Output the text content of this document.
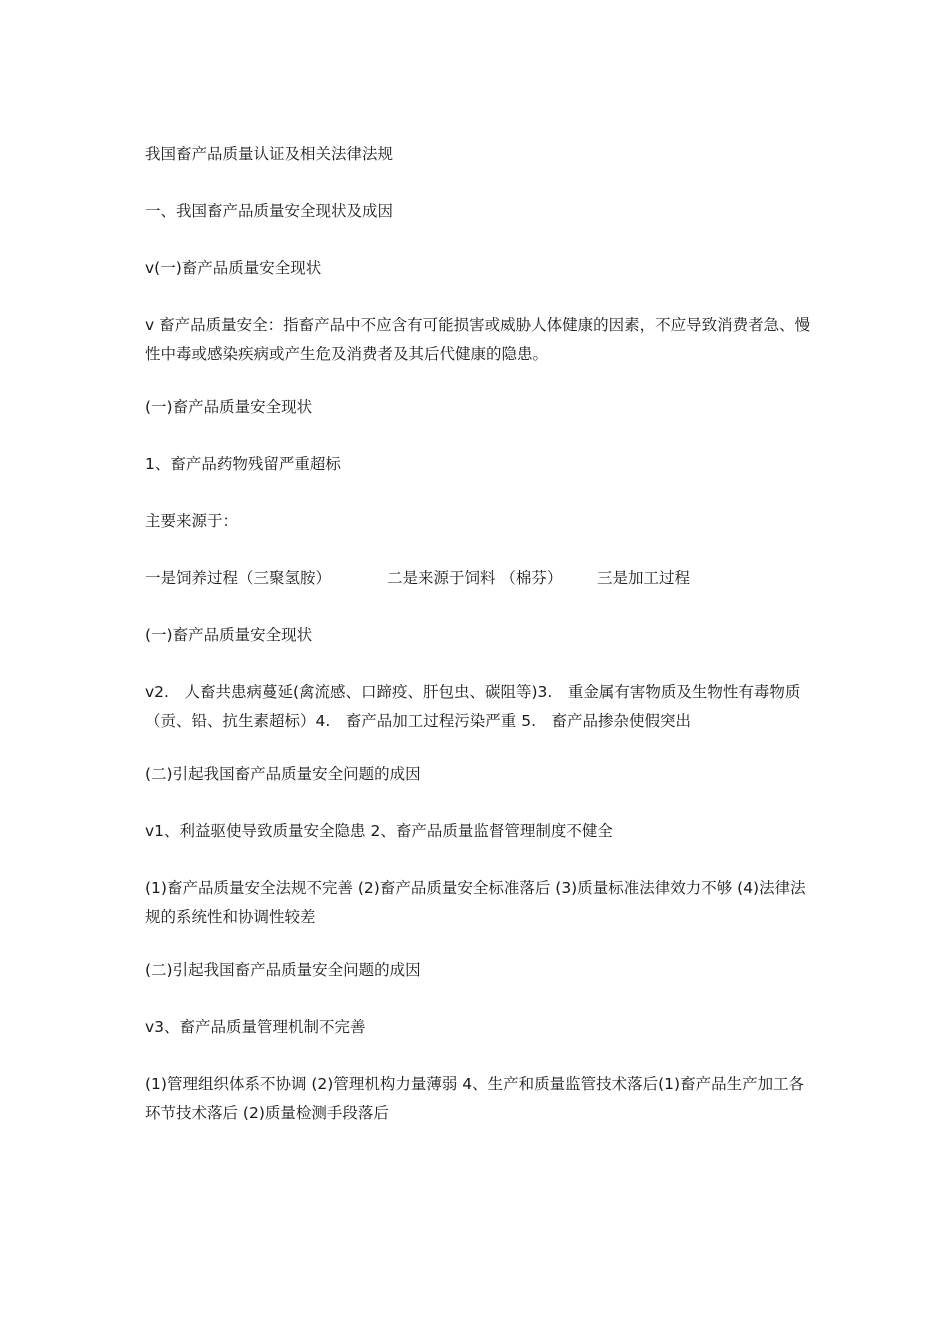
我国畜产品质量认证及相关法律法规

一、我国畜产品质量安全现状及成因

v(一)畜产品质量安全现状

v 畜产品质量安全：指畜产品中不应含有可能损害或威胁人体健康的因素，不应导致消费者急、慢性中毒或感染疾病或产生危及消费者及其后代健康的隐患。

(一)畜产品质量安全现状

1、畜产品药物残留严重超标

主要来源于：

一是饲养过程（三聚氢胺）	二是来源于饲料 （棉芬）	三是加工过程

(一)畜产品质量安全现状

v2.　人畜共患病蔓延(禽流感、口蹄疫、肝包虫、碳阻等)3.　重金属有害物质及生物性有毒物质（贡、铅、抗生素超标）4.　畜产品加工过程污染严重 5.　畜产品掺杂使假突出

(二)引起我国畜产品质量安全问题的成因

v1、利益驱使导致质量安全隐患 2、畜产品质量监督管理制度不健全

(1)畜产品质量安全法规不完善 (2)畜产品质量安全标准落后 (3)质量标准法律效力不够 (4)法律法规的系统性和协调性较差

(二)引起我国畜产品质量安全问题的成因

v3、畜产品质量管理机制不完善

(1)管理组织体系不协调 (2)管理机构力量薄弱 4、生产和质量监管技术落后(1)畜产品生产加工各环节技术落后 (2)质量检测手段落后
